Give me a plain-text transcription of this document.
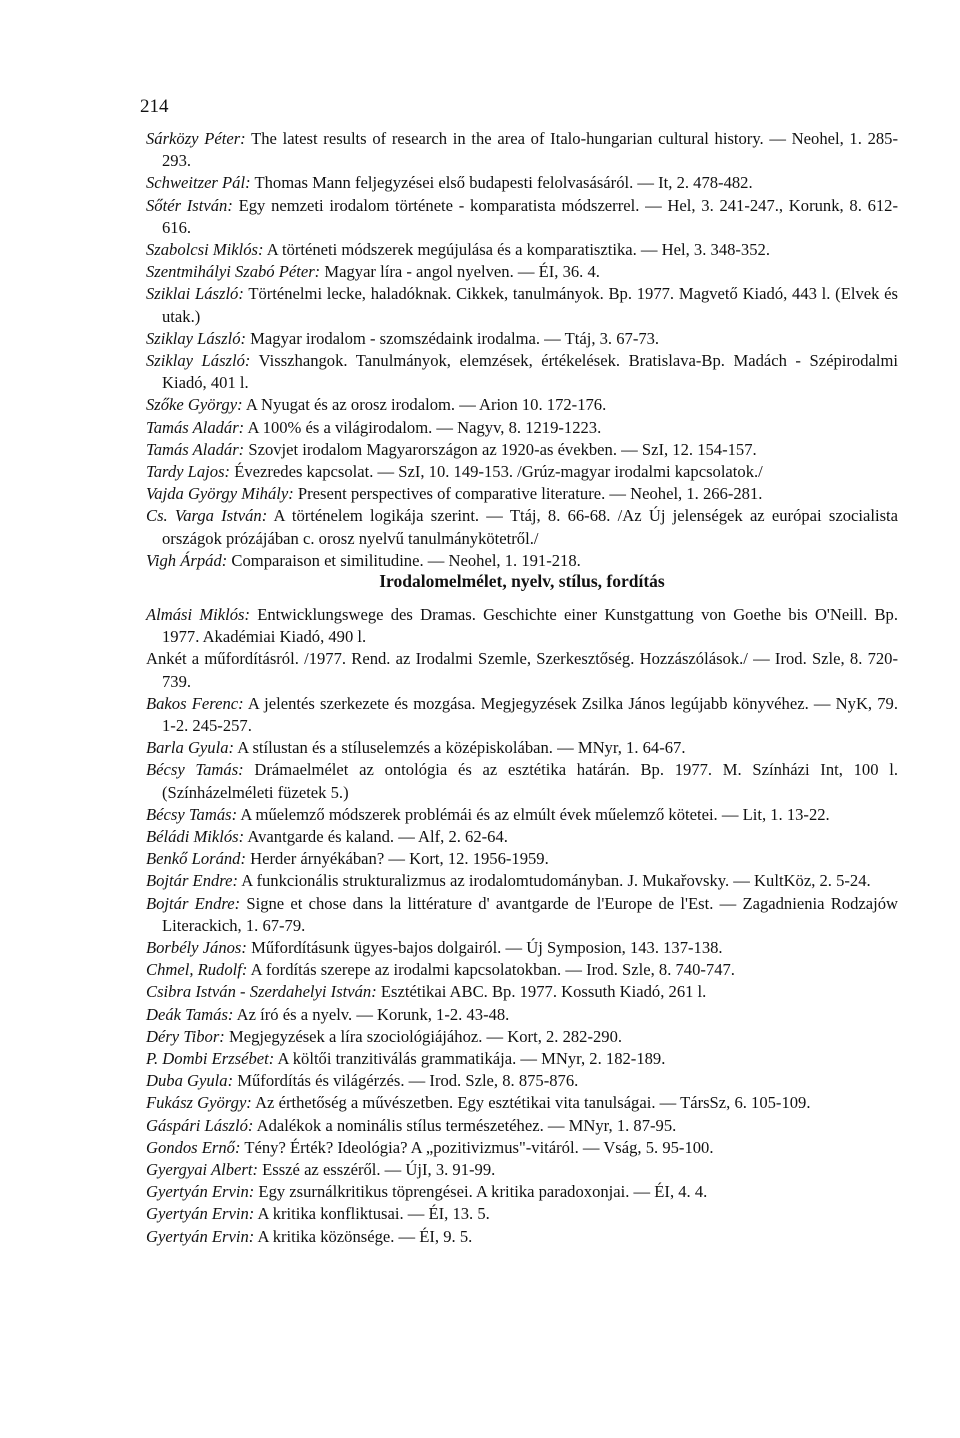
214

Sárközy Péter: The latest results of research in the area of Italo-hungarian cultural history. — Neohel, 1. 285-293.

Schweitzer Pál: Thomas Mann feljegyzései első budapesti felolvasásáról. — It, 2. 478-482.

Sőtér István: Egy nemzeti irodalom története - komparatista módszerrel. — Hel, 3. 241-247., Korunk, 8. 612-616.

Szabolcsi Miklós: A történeti módszerek megújulása és a komparatisztika. — Hel, 3. 348-352.

Szentmihályi Szabó Péter: Magyar líra - angol nyelven. — ÉI, 36. 4.

Sziklai László: Történelmi lecke, haladóknak. Cikkek, tanulmányok. Bp. 1977. Magvető Kiadó, 443 l. (Elvek és utak.)

Sziklay László: Magyar irodalom - szomszédaink irodalma. — Ttáj, 3. 67-73.

Sziklay László: Visszhangok. Tanulmányok, elemzések, értékelések. Bratislava-Bp. Madách - Szépirodalmi Kiadó, 401 l.

Szőke György: A Nyugat és az orosz irodalom. — Arion 10. 172-176.

Tamás Aladár: A 100% és a világirodalom. — Nagyv, 8. 1219-1223.

Tamás Aladár: Szovjet irodalom Magyarországon az 1920-as években. — SzI, 12. 154-157.

Tardy Lajos: Évezredes kapcsolat. — SzI, 10. 149-153. /Grúz-magyar irodalmi kapcsolatok./

Vajda György Mihály: Present perspectives of comparative literature. — Neohel, 1. 266-281.

Cs. Varga István: A történelem logikája szerint. — Ttáj, 8. 66-68. /Az Új jelenségek az európai szocialista országok prózájában c. orosz nyelvű tanulmánykötetről./

Vigh Árpád: Comparaison et similitudine. — Neohel, 1. 191-218.

Irodalomelmélet, nyelv, stílus, fordítás

Almási Miklós: Entwicklungswege des Dramas. Geschichte einer Kunstgattung von Goethe bis O'Neill. Bp. 1977. Akadémiai Kiadó, 490 l.

Ankét a műfordításról. /1977. Rend. az Irodalmi Szemle, Szerkesztőség. Hozzászólások./ — Irod. Szle, 8. 720-739.

Bakos Ferenc: A jelentés szerkezete és mozgása. Megjegyzések Zsilka János legújabb könyvéhez. — NyK, 79. 1-2. 245-257.

Barla Gyula: A stílustan és a stíluselemzés a középiskolában. — MNyr, 1. 64-67.

Bécsy Tamás: Drámaelmélet az ontológia és az esztétika határán. Bp. 1977. M. Színházi Int, 100 l. (Színházelméleti füzetek 5.)

Bécsy Tamás: A műelemző módszerek problémái és az elmúlt évek műelemző kötetei. — Lit, 1. 13-22.

Béládi Miklós: Avantgarde és kaland. — Alf, 2. 62-64.

Benkő Loránd: Herder árnyékában? — Kort, 12. 1956-1959.

Bojtár Endre: A funkcionális strukturalizmus az irodalomtudományban. J. Mukařovsky. — KultKöz, 2. 5-24.

Bojtár Endre: Signe et chose dans la littérature d' avantgarde de l'Europe de l'Est. — Zagadnienia Rodzajów Literackich, 1. 67-79.

Borbély János: Műfordításunk ügyes-bajos dolgairól. — Új Symposion, 143. 137-138.

Chmel, Rudolf: A fordítás szerepe az irodalmi kapcsolatokban. — Irod. Szle, 8. 740-747.

Csibra István - Szerdahelyi István: Esztétikai ABC. Bp. 1977. Kossuth Kiadó, 261 l.

Deák Tamás: Az író és a nyelv. — Korunk, 1-2. 43-48.

Déry Tibor: Megjegyzések a líra szociológiájához. — Kort, 2. 282-290.

P. Dombi Erzsébet: A költői tranzitiválás grammatikája. — MNyr, 2. 182-189.

Duba Gyula: Műfordítás és világérzés. — Irod. Szle, 8. 875-876.

Fukász György: Az érthetőség a művészetben. Egy esztétikai vita tanulságai. — TársSz, 6. 105-109.

Gáspári László: Adalékok a nominális stílus természetéhez. — MNyr, 1. 87-95.

Gondos Ernő: Tény? Érték? Ideológia? A „pozitivizmus"-vitáról. — Vság, 5. 95-100.

Gyergyai Albert: Esszé az esszéről. — ÚjI, 3. 91-99.

Gyertyán Ervin: Egy zsurnálkritikus töprengései. A kritika paradoxonjai. — ÉI, 4. 4.

Gyertyán Ervin: A kritika konfliktusai. — ÉI, 13. 5.

Gyertyán Ervin: A kritika közönsége. — ÉI, 9. 5.
